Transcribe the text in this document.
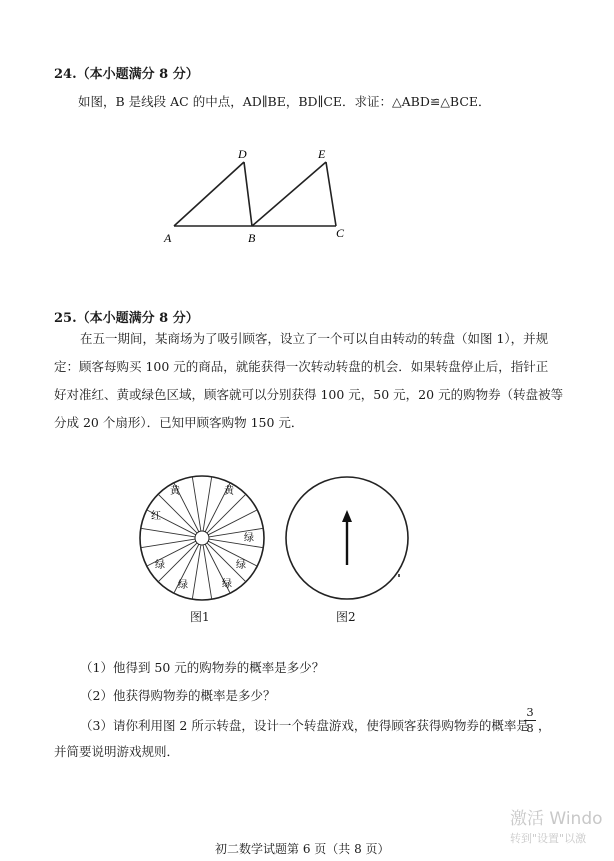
24.（本小题满分 8 分）
如图，B 是线段 AC 的中点，AD∥BE，BD∥CE．求证：△ABD≌△BCE．
D	E
A	B	C
25.（本小题满分 8 分）
在五一期间，某商场为了吸引顾客，设立了一个可以自由转动的转盘（如图 1），并规
定：顾客每购买 100 元的商品，就能获得一次转动转盘的机会．如果转盘停止后，指针正
好对准红、黄或绿色区域，顾客就可以分别获得 100 元，50 元，20 元的购物券（转盘被等
分成 20 个扇形）．已知甲顾客购物 150 元．
黄	黄
红
绿
绿	绿
绿	绿
图1	图2
（1）他得到 50 元的购物券的概率是多少？
（2）他获得购物券的概率是多少？
（3）请你利用图 2 所示转盘，设计一个转盘游戏，使得顾客获得购物券的概率是
3
8 ，
并简要说明游戏规则．
激活 Windo
转到"设置"以激
初二数学试题第 6 页（共 8 页）
